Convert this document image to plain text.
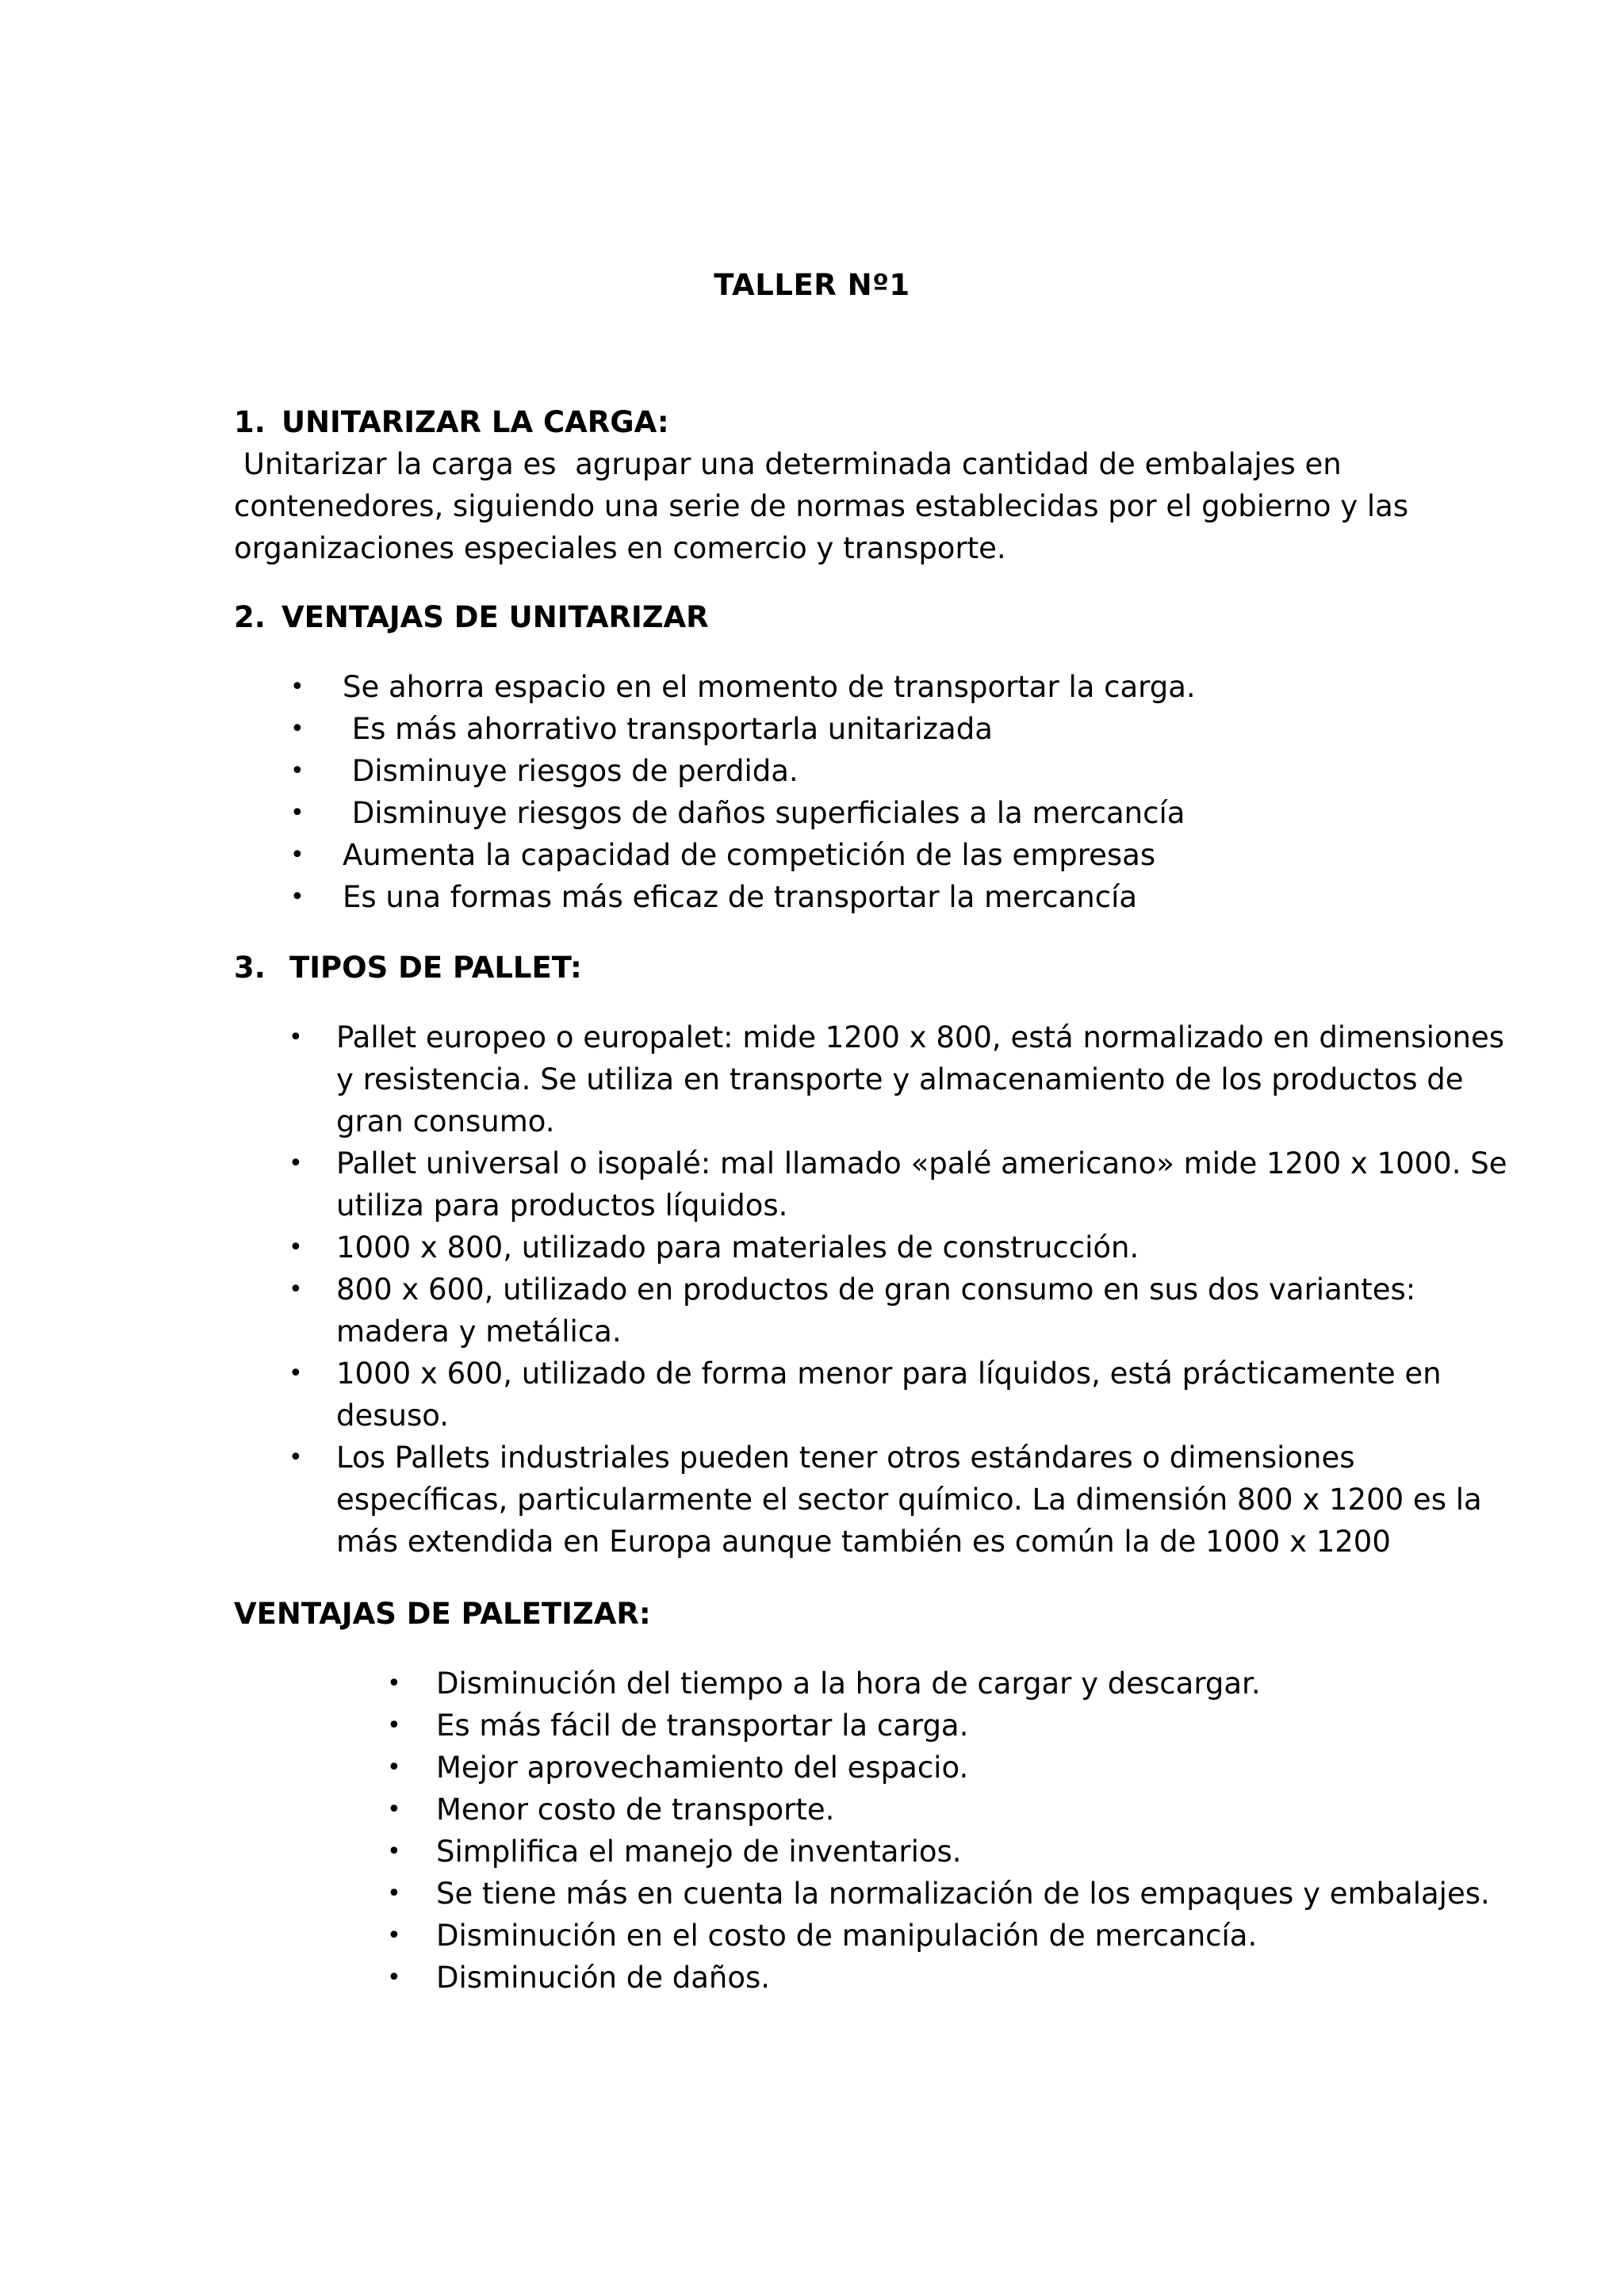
TALLER Nº1
1. UNITARIZAR LA CARGA:
Unitarizar la carga es  agrupar una determinada cantidad de embalajes en
contenedores, siguiendo una serie de normas establecidas por el gobierno y las
organizaciones especiales en comercio y transporte.
2. VENTAJAS DE UNITARIZAR
• Se ahorra espacio en el momento de transportar la carga.
• Es más ahorrativo transportarla unitarizada
• Disminuye riesgos de perdida.
• Disminuye riesgos de daños superficiales a la mercancía
• Aumenta la capacidad de competición de las empresas
• Es una formas más eficaz de transportar la mercancía
3. TIPOS DE PALLET:
• Pallet europeo o europalet: mide 1200 x 800, está normalizado en dimensiones
y resistencia. Se utiliza en transporte y almacenamiento de los productos de
gran consumo.
• Pallet universal o isopalé: mal llamado «palé americano» mide 1200 x 1000. Se
utiliza para productos líquidos.
• 1000 x 800, utilizado para materiales de construcción.
• 800 x 600, utilizado en productos de gran consumo en sus dos variantes:
madera y metálica.
• 1000 x 600, utilizado de forma menor para líquidos, está prácticamente en
desuso.
• Los Pallets industriales pueden tener otros estándares o dimensiones
específicas, particularmente el sector químico. La dimensión 800 x 1200 es la
más extendida en Europa aunque también es común la de 1000 x 1200
VENTAJAS DE PALETIZAR:
• Disminución del tiempo a la hora de cargar y descargar.
• Es más fácil de transportar la carga.
• Mejor aprovechamiento del espacio.
• Menor costo de transporte.
• Simplifica el manejo de inventarios.
• Se tiene más en cuenta la normalización de los empaques y embalajes.
• Disminución en el costo de manipulación de mercancía.
• Disminución de daños.
